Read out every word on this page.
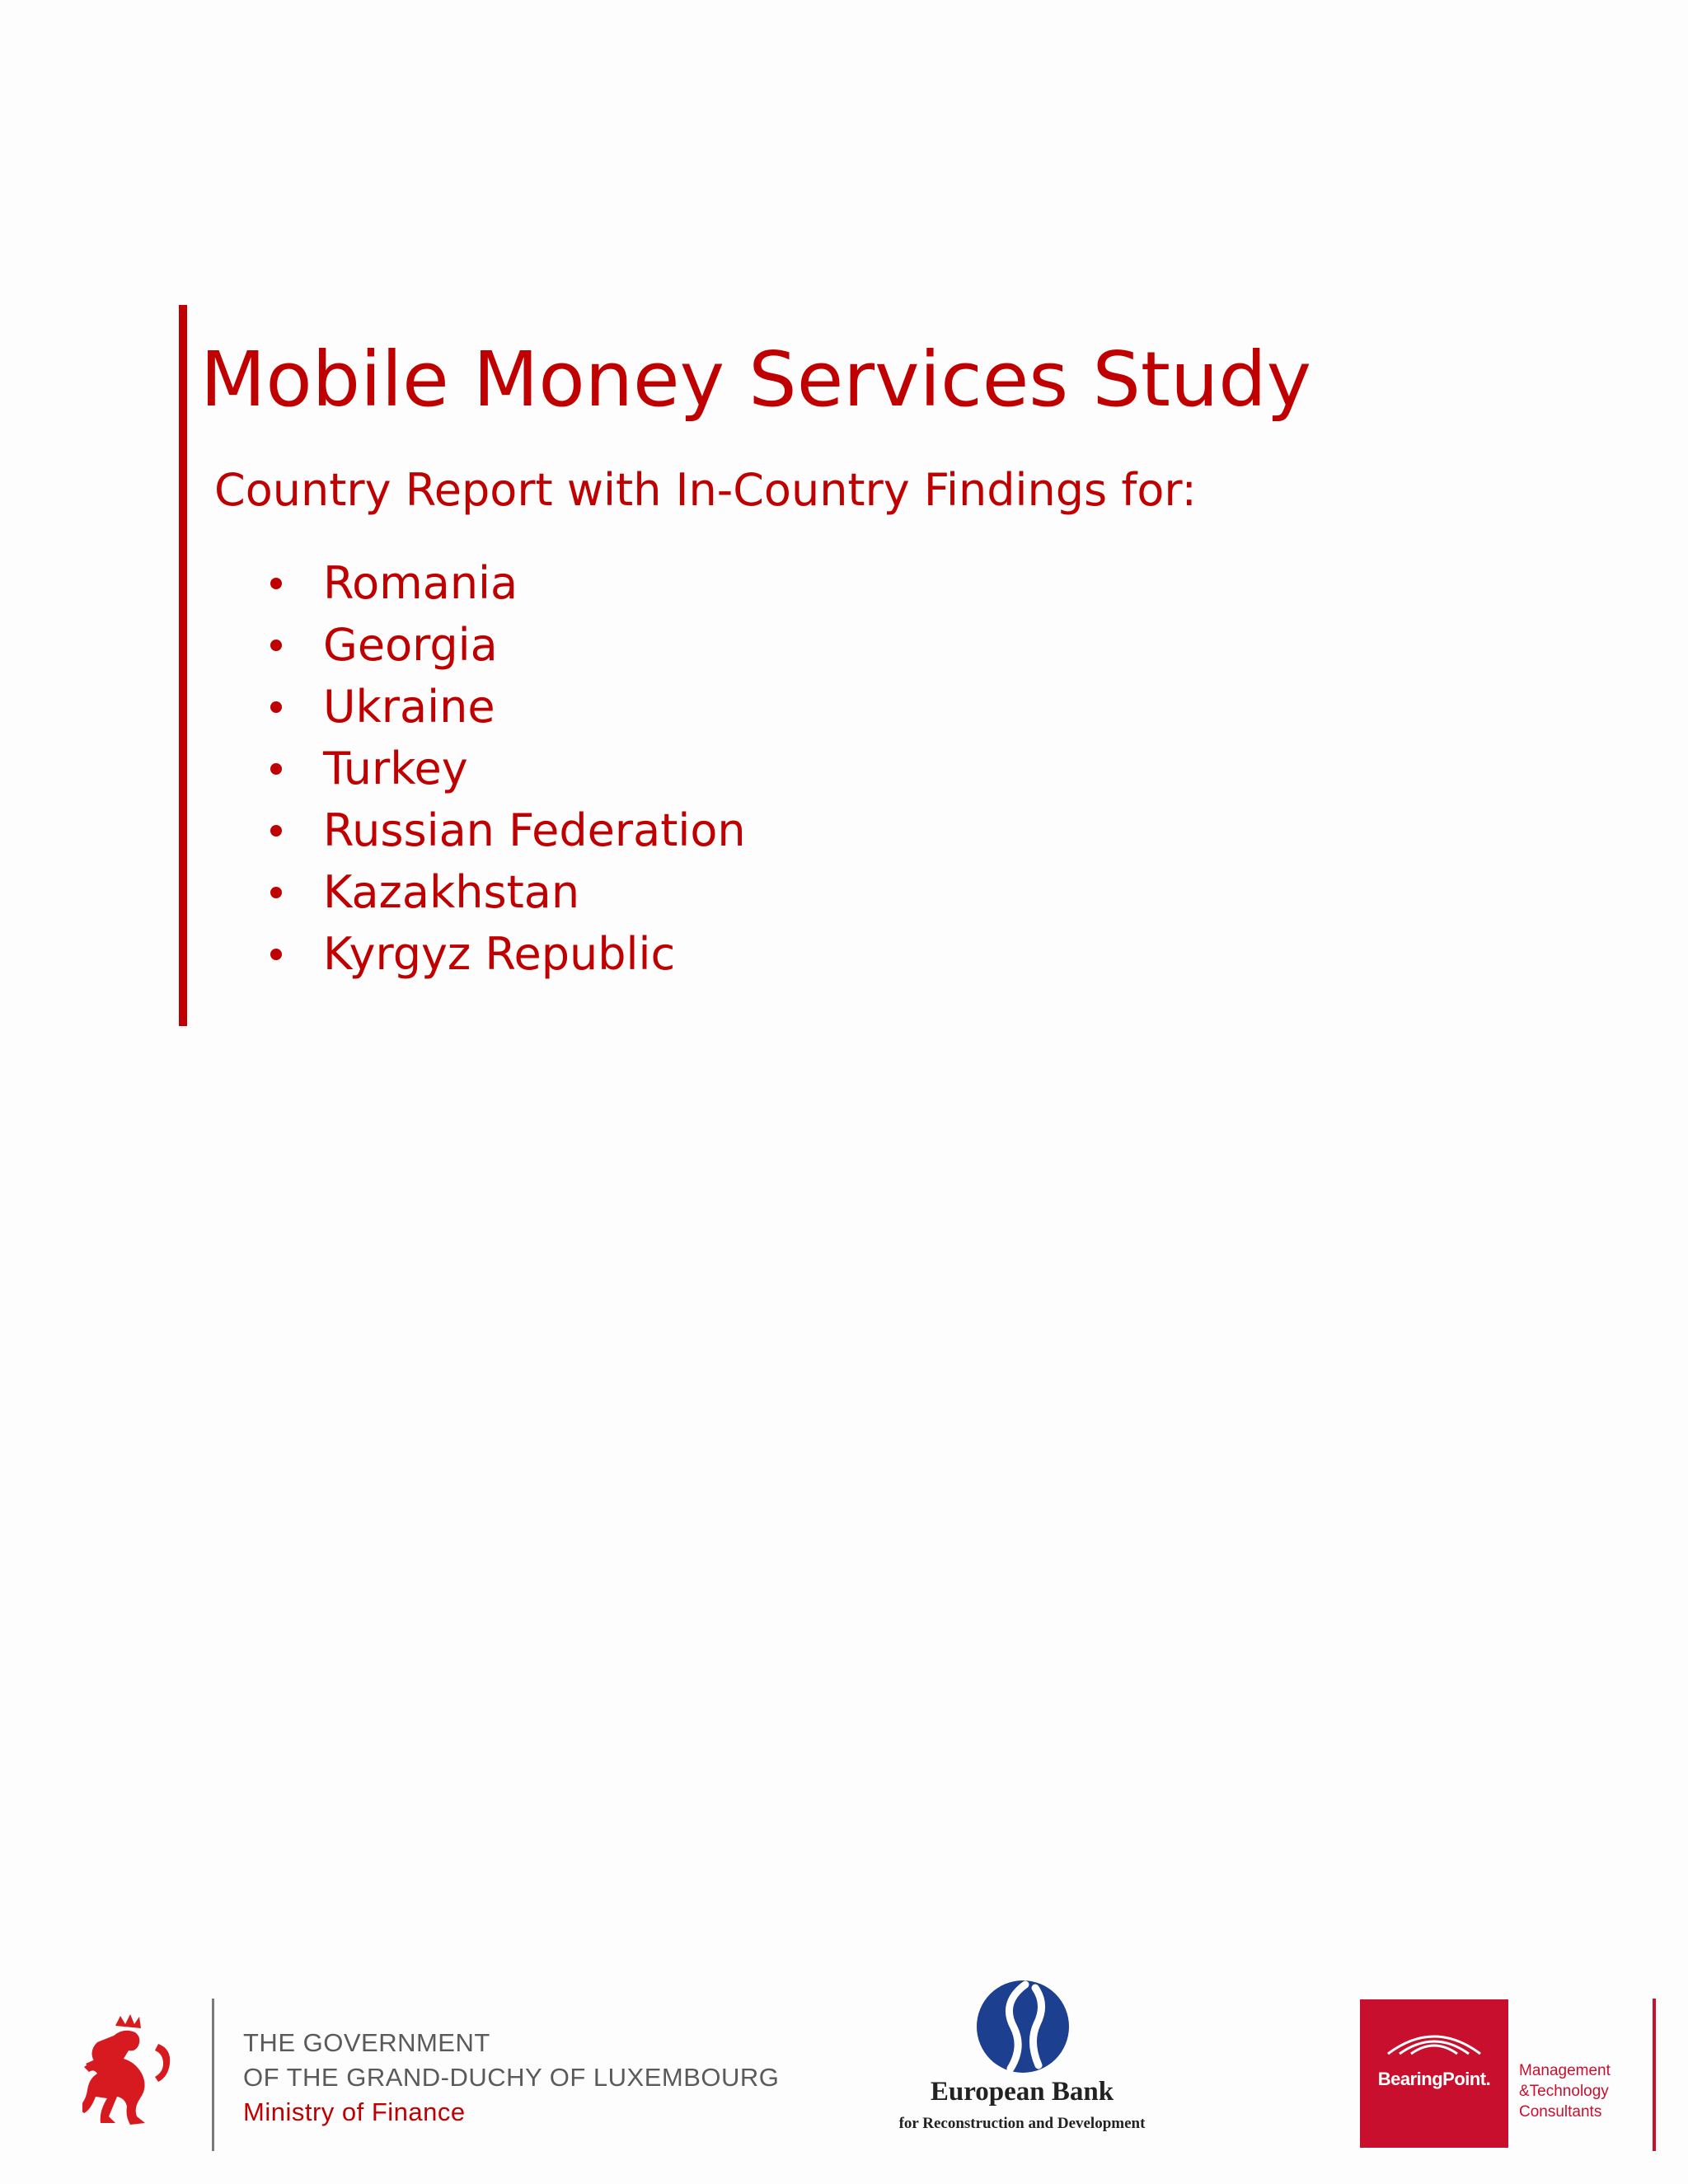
Mobile Money Services Study
Country Report with In-Country Findings for:
Romania
Georgia
Ukraine
Turkey
Russian Federation
Kazakhstan
Kyrgyz Republic
THE GOVERNMENT
OF THE GRAND-DUCHY OF LUXEMBOURG
Ministry of Finance
European Bank
for Reconstruction and Development
BearingPoint.	Management
&Technology
Consultants
